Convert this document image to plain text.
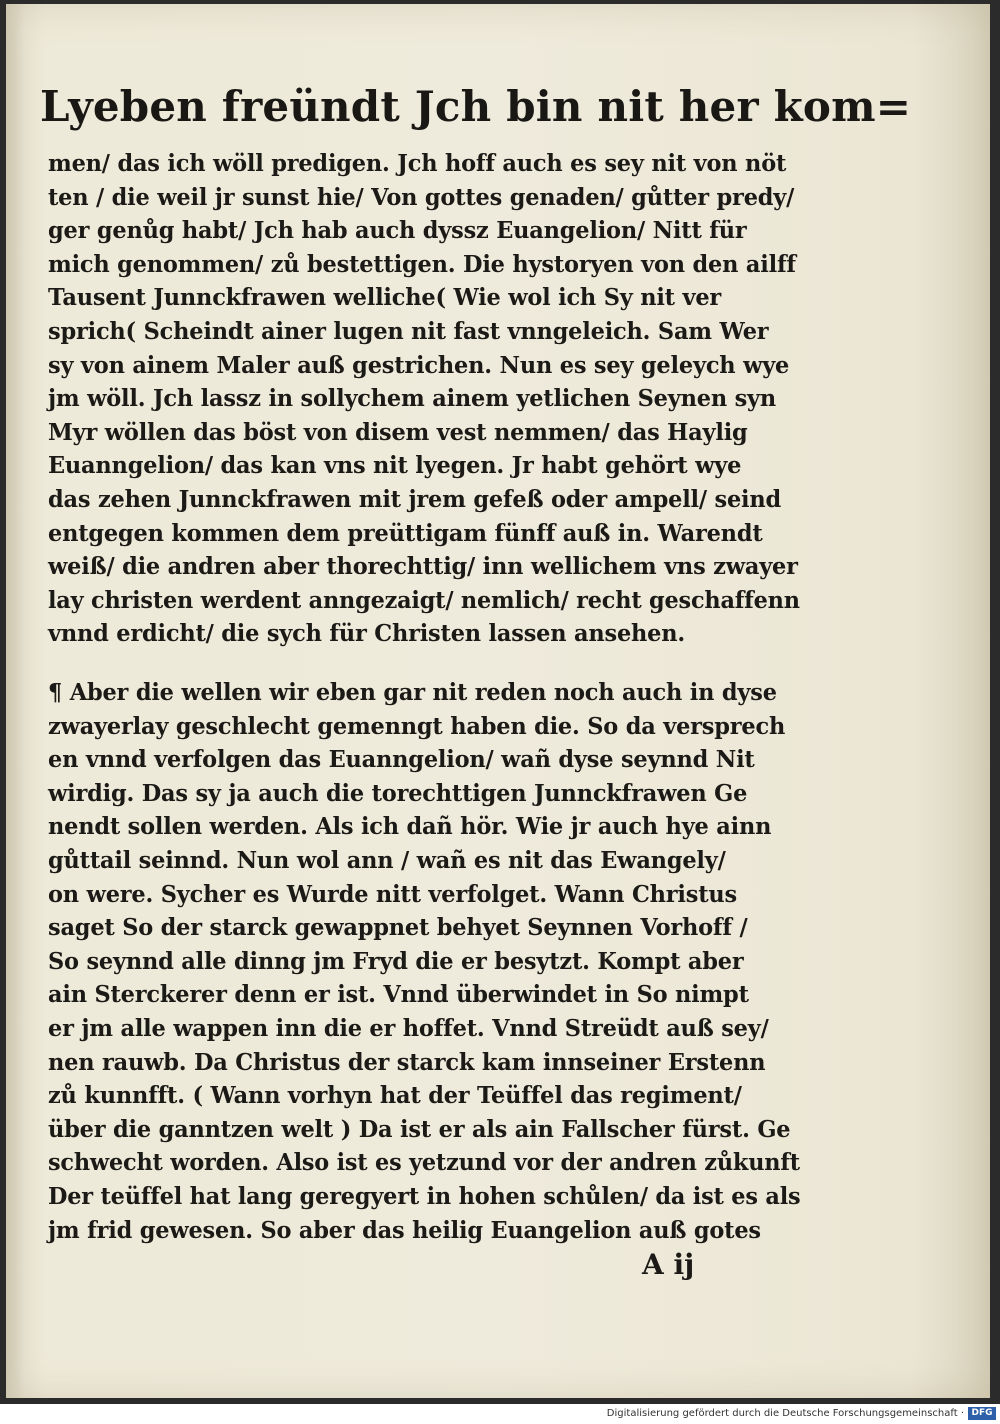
Lyeben freündt Jch bin nit her kom=
men/ das ich wöll predigen. Jch hoff auch es sey nit von nöt
ten / die weil jr sunst hie/ Von gottes genaden/ gůtter predy/
ger genůg habt/ Jch hab auch dyssz Euangelion/ Nitt für
mich genommen/ zů bestettigen. Die hystoryen von den ailff
Tausent Junnckfrawen welliche( Wie wol ich Sy nit ver
sprich( Scheindt ainer lugen nit fast vnngeleich. Sam Wer
sy von ainem Maler auß gestrichen. Nun es sey geleych wye
jm wöll. Jch lassz in sollychem ainem yetlichen Seynen syn
Myr wöllen das böst von disem vest nemmen/ das Haylig
Euanngelion/ das kan vns nit lyegen. Jr habt gehört wye
das zehen Junnckfrawen mit jrem gefeß oder ampell/ seind
entgegen kommen dem preüttigam fünff auß in. Warendt
weiß/ die andren aber thorechttig/ inn wellichem vns zwayer
lay christen werdent anngezaigt/ nemlich/ recht geschaffenn
vnnd erdicht/ die sych für Christen lassen ansehen.
¶ Aber die wellen wir eben gar nit reden noch auch in dyse
zwayerlay geschlecht gemenngt haben die. So da versprech
en vnnd verfolgen das Euanngelion/ wañ dyse seynnd Nit
wirdig. Das sy ja auch die torechttigen Junnckfrawen Ge
nendt sollen werden. Als ich dañ hör. Wie jr auch hye ainn
gůttail seinnd. Nun wol ann / wañ es nit das Ewangely/
on were. Sycher es Wurde nitt verfolget. Wann Christus
saget So der starck gewappnet behyet Seynnen Vorhoff /
So seynnd alle dinng jm Fryd die er besytzt. Kompt aber
ain Sterckerer denn er ist. Vnnd überwindet in So nimpt
er jm alle wappen inn die er hoffet. Vnnd Streüdt auß sey/
nen rauwb. Da Christus der starck kam innseiner Erstenn
zů kunnfft. ( Wann vorhyn hat der Teüffel das regiment/
über die ganntzen welt ) Da ist er als ain Fallscher fürst. Ge
schwecht worden. Also ist es yetzund vor der andren zůkunft
Der teüffel hat lang geregyert in hohen schůlen/ da ist es als
jm frid gewesen. So aber das heilig Euangelion auß gotes
A ij
Digitalisierung gefördert durch die Deutsche Forschungsgemeinschaft · DFG
